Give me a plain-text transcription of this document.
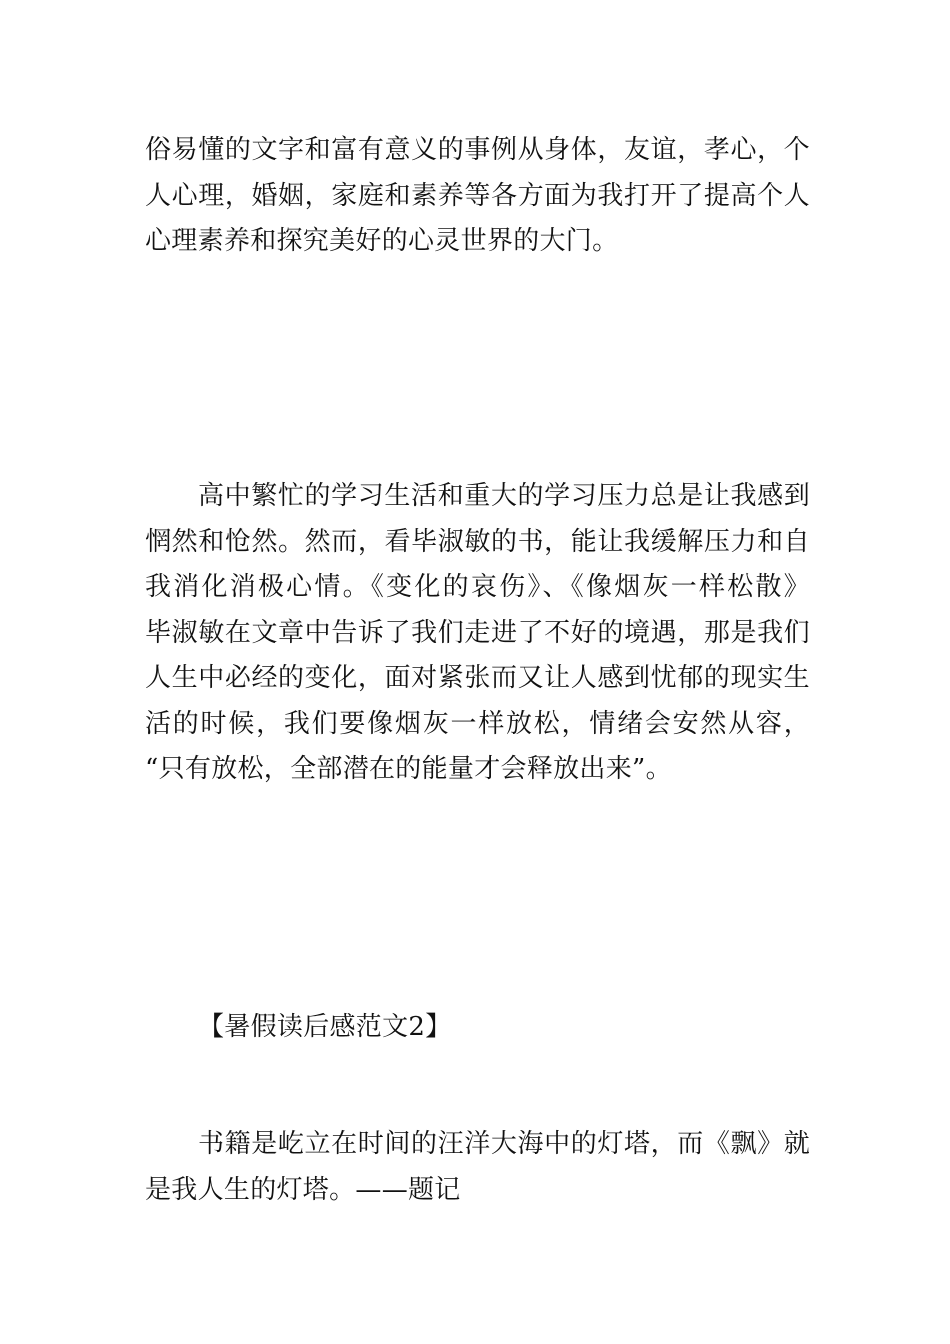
俗易懂的文字和富有意义的事例从身体，友谊，孝心，个
人心理，婚姻，家庭和素养等各方面为我打开了提高个人
心理素养和探究美好的心灵世界的大门。
高中繁忙的学习生活和重大的学习压力总是让我感到
惘然和怆然。然而，看毕淑敏的书，能让我缓解压力和自
我消化消极心情。《变化的哀伤》、《像烟灰一样松散》
毕淑敏在文章中告诉了我们走进了不好的境遇，那是我们
人生中必经的变化，面对紧张而又让人感到忧郁的现实生
活的时候，我们要像烟灰一样放松，情绪会安然从容，
“只有放松，全部潜在的能量才会释放出来”。
【暑假读后感范文2】
书籍是屹立在时间的汪洋大海中的灯塔，而《飘》就
是我人生的灯塔。——题记
